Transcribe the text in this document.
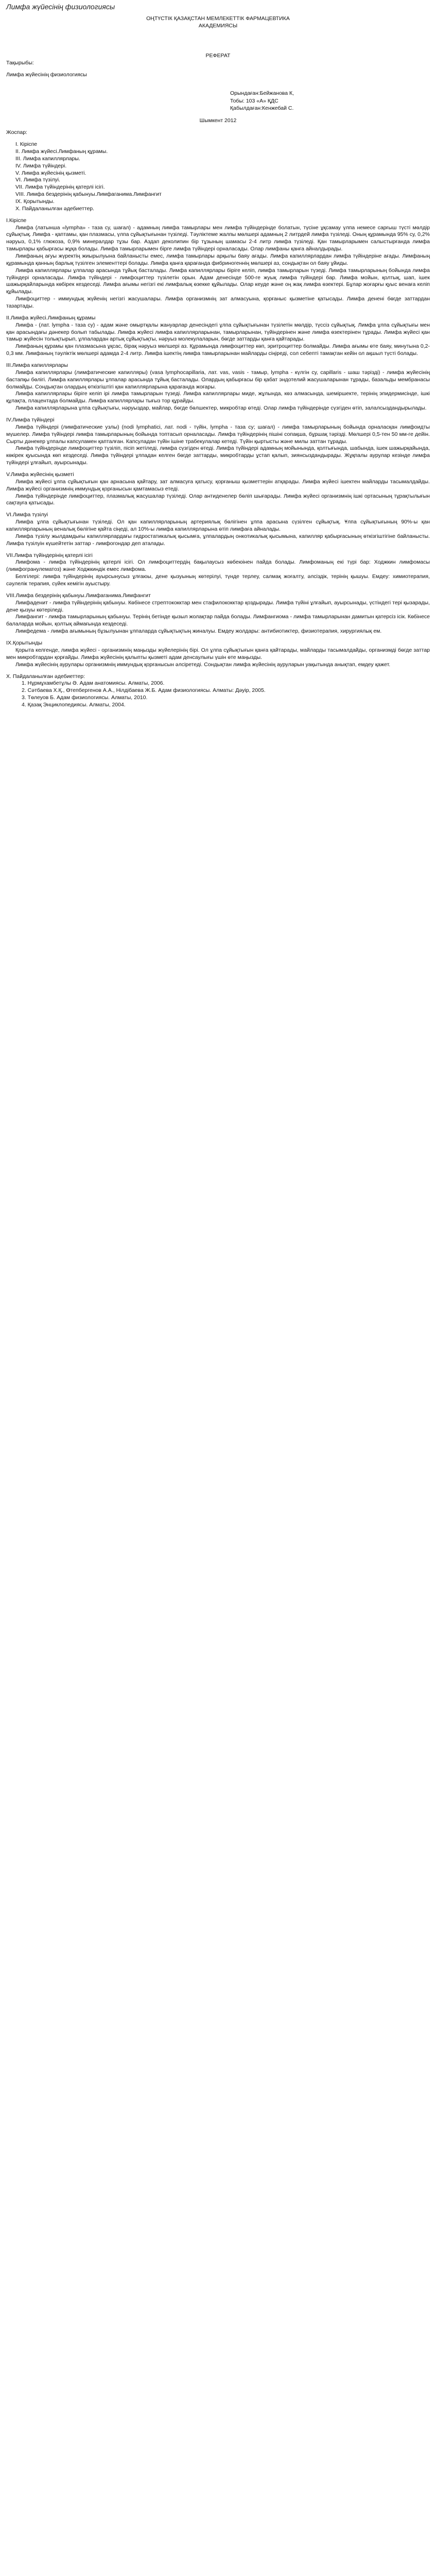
Лимфа жүйесінің физиологиясы

ОҢТҮСТІК ҚАЗАҚСТАН МЕМЛЕКЕТТІК ФАРМАЦЕВТИКА

АКАДЕМИЯСЫ

РЕФЕРАТ

Тақырыбы:

Лимфа жүйесінің физиологиясы

Орындаған:Бейжанова К,

Тобы: 103 «А» ҚДС

Қабылдаған:Кенжебай С.

Шымкент 2012

Жоспар:

І. Кіріспе

ІІ. Лимфа жүйесі.Лимфаның құрамы.

ІІІ. Лимфа капиллярлары.

IV. Лимфа түйіндері.

V. Лимфа жүйесінің қызметі.

VІ. Лимфа түзілуі.

VІІ. Лимфа түйіндерінің қатерлі ісігі.

VІІІ. Лимфа бездерінің қабынуы.Лимфаганима.Лимфангит

ІХ. Қорытынды.

Х. Пайдаланылған әдебиеттер.

І.Кіріспе

Лимфа (латынша «lympha» - таза су, шағал) - адамның лимфа тамырлары мен лимфа түйіндерінде болатын, түсіне ұқсамау үлпа немесе сарғыш түсті мөлдір сұйықтық. Лимфа - қаптамы, қан плазмасы, үлпа сұйықтығынан түзіледі. Тәуліктеме жалпы мөлшері адамның 2 литрдей лимфа түзіледі. Оның құрамында 95% су, 0,2% нәруыз, 0,1% глюкоза, 0,9% минералдар тұзы бар. Аздап деколипин бір тұзының шамасы 2-4 литр лимфа түзіледі. Қан тамырларымен салыстырғанда лимфа тамырлары қабырғасы жұқа болады. Лимфа тамырларымен бірге лимфа түйіндері орналасады. Олар лимфаны қанға айналдырады.

Лимфаның ағуы жүректің жиырылуына байланысты емес, лимфа тамырлары арқылы баяу ағады. Лимфа капиллярлардан лимфа түйіндеріне ағады. Лимфаның құрамында қанның барлық түзілген элементтері болады. Лимфа қанға қарағанда фибриногеннің мөлшері аз, сондықтан ол баяу ұйиды.

Лимфа капиллярлары ұлпалар арасында тұйық басталады. Лимфа капиллярлары біріге келіп, лимфа тамырларын түзеді. Лимфа тамырларының бойында лимфа түйіндері орналасады. Лимфа түйіндері - лимфоциттер түзілетін орын. Адам денесінде 500-ге жуық лимфа түйіндері бар. Лимфа мойын, қолтық, шап, ішек шажырқайларында көбірек кездеседі. Лимфа ағымы негізгі екі лимфалық өзекке құйылады. Олар кеуде және оң жақ лимфа өзектері. Бұлар жоғарғы қуыс венаға келіп құйылады.

Лимфоциттер - иммундық жүйенің негізгі жасушалары. Лимфа организмнің зат алмасуына, қорғаныс қызметіне қатысады. Лимфа денені бөгде заттардан тазартады.

ІІ.Лимфа жүйесі.Лимфаның құрамы

Лимфа - (лат. lympha - таза су) - адам және омыртқалы жануарлар денесіндегі ұлпа сұйықтығынан түзілетін мөлдір, түссіз сұйықтық. Лимфа ұлпа сұйықтығы мен қан арасындағы дәнекер болып табылады. Лимфа жүйесі лимфа капиллярларынан, тамырларынан, түйіндерінен және лимфа өзектерінен тұрады. Лимфа жүйесі қан тамыр жүйесін толықтырып, ұлпалардан артық сұйықтықты, нәруыз молекулаларын, бөгде заттарды қанға қайтарады.

Лимфаның құрамы қан плазмасына ұқсас, бірақ нәруыз мөлшері аз. Құрамында лимфоциттер көп, эритроциттер болмайды. Лимфа ағымы өте баяу, минутына 0,2-0,3 мм. Лимфаның тәуліктік мөлшері адамда 2-4 литр. Лимфа ішектің лимфа тамырларынан майларды сіңіреді, сол себепті тамақтан кейін ол ақшыл түсті болады.

ІІІ.Лимфа капиллярлары

Лимфа капиллярлары (лимфатические капилляры) (vasa lymphocapillaria, лат. vas, vasis - тамыр, lympha - күлгін су, capillaris - шаш тәрізді) - лимфа жүйесінің бастапқы бөлігі. Лимфа капиллярлары ұлпалар арасында тұйық басталады. Олардың қабырғасы бір қабат эндотелий жасушаларынан тұрады, базальды мембранасы болмайды. Сондықтан олардың өткізгіштігі қан капиллярларына қарағанда жоғары.

Лимфа капиллярлары біріге келіп ірі лимфа тамырларын түзеді. Лимфа капиллярлары миде, жұлында, көз алмасында, шеміршекте, терінің эпидермисінде, ішкі құлақта, плацентада болмайды. Лимфа капиллярлары тығыз тор құрайды.

Лимфа капиллярларына ұлпа сұйықтығы, нәруыздар, майлар, бөгде бөлшектер, микробтар өтеді. Олар лимфа түйіндерінде сүзгіден өтіп, залалсыздандырылады.

IV.Лимфа түйіндері

Лимфа түйіндері (лимфатические узлы) (nodi lymphatici, лат. nodi - түйін, lympha - таза су; шағал) - лимфа тамырларының бойында орналасқан лимфоидты мүшелер. Лимфа түйіндері лимфа тамырларының бойында топтасып орналасады. Лимфа түйіндерінің пішіні сопақша, бұршақ тәрізді. Мөлшері 0,5-тен 50 мм-ге дейін. Сырты дәнекер ұлпалы капсуламен қапталған. Капсуладан түйін ішіне трабекулалар кетеді. Түйін қыртысты және милы заттан тұрады.

Лимфа түйіндерінде лимфоциттер түзіліп, пісіп жетіледі, лимфа сүзгіден өтеді. Лимфа түйіндері адамның мойынында, қолтығында, шабында, ішек шажырқайында, көкірек қуысында көп кездеседі. Лимфа түйіндері ұлпадан келген бөгде заттарды, микробтарды ұстап қалып, зиянсыздандырады. Жұқпалы аурулар кезінде лимфа түйіндері ұлғайып, ауырсынады.

V.Лимфа жүйесінің қызметі

Лимфа жүйесі ұлпа сұйықтығын қан арнасына қайтару, зат алмасуға қатысу, қорғаныш қызметтерін атқарады. Лимфа жүйесі ішектен майларды тасымалдайды. Лимфа жүйесі организмнің иммундық қорғанысын қамтамасыз етеді.

Лимфа түйіндерінде лимфоциттер, плазмалық жасушалар түзіледі. Олар антиденелер бөліп шығарады. Лимфа жүйесі организмнің ішкі ортасының тұрақтылығын сақтауға қатысады.

VІ.Лимфа түзілуі

Лимфа ұлпа сұйықтығынан түзіледі. Ол қан капиллярларының артериялық бөлігінен ұлпа арасына сүзілген сұйықтық. Ұлпа сұйықтығының 90%-ы қан капиллярларының веналық бөлігіне қайта сіңеді, ал 10%-ы лимфа капиллярларына өтіп лимфаға айналады.

Лимфа түзілу жылдамдығы капиллярлардағы гидростатикалық қысымға, ұлпалардың онкотикалық қысымына, капилляр қабырғасының өткізгіштігіне байланысты. Лимфа түзілуін күшейтетін заттар - лимфогондар деп аталады.

VІІ.Лимфа түйіндерінің қатерлі ісігі

Лимфома - лимфа түйіндерінің қатерлі ісігі. Ол лимфоциттердің бақылаусыз көбеюінен пайда болады. Лимфоманың екі түрі бар: Ходжкин лимфомасы (лимфогранулематоз) және Ходжкиндік емес лимфома.

Белгілері: лимфа түйіндерінің ауырсынусыз ұлғаюы, дене қызуының көтерілуі, түнде терлеу, салмақ жоғалту, әлсіздік, терінің қышуы. Емдеу: химиотерапия, сәулелік терапия, сүйек кемігін ауыстыру.

VІІІ.Лимфа бездерінің қабынуы.Лимфаганима.Лимфангит

Лимфаденит - лимфа түйіндерінің қабынуы. Көбінесе стрептококктар мен стафилококктар қоздырады. Лимфа түйіні ұлғайып, ауырсынады, үстіндегі тері қызарады, дене қызуы көтеріледі.

Лимфангит - лимфа тамырларының қабынуы. Терінің бетінде қызыл жолақтар пайда болады. Лимфангиома - лимфа тамырларынан дамитын қатерсіз ісік. Көбінесе балаларда мойын, қолтық аймағында кездеседі.

Лимфедема - лимфа ағымының бұзылуынан ұлпаларда сұйықтықтың жиналуы. Емдеу жолдары: антибиотиктер, физиотерапия, хирургиялық ем.

ІХ.Қорытынды

Қорыта келгенде, лимфа жүйесі - организмнің маңызды жүйелерінің бірі. Ол ұлпа сұйықтығын қанға қайтарады, майларды тасымалдайды, организмді бөгде заттар мен микробтардан қорғайды. Лимфа жүйесінің қалыпты қызметі адам денсаулығы үшін өте маңызды.

Лимфа жүйесінің аурулары организмнің иммундық қорғанысын әлсіретеді. Сондықтан лимфа жүйесінің ауруларын уақытында анықтап, емдеу қажет.

Х. Пайдаланылған әдебиеттер:

1. Нұрмұхамбетұлы Ә. Адам анатомиясы. Алматы, 2006.

2. Сәтбаева Х.Қ., Өтепбергенов А.А., Нілдібаева Ж.Б. Адам физиологиясы. Алматы: Дәуір, 2005.

3. Төлеуов Б. Адам физиологиясы. Алматы, 2010.

4. Қазақ Энциклопедиясы. Алматы, 2004.
